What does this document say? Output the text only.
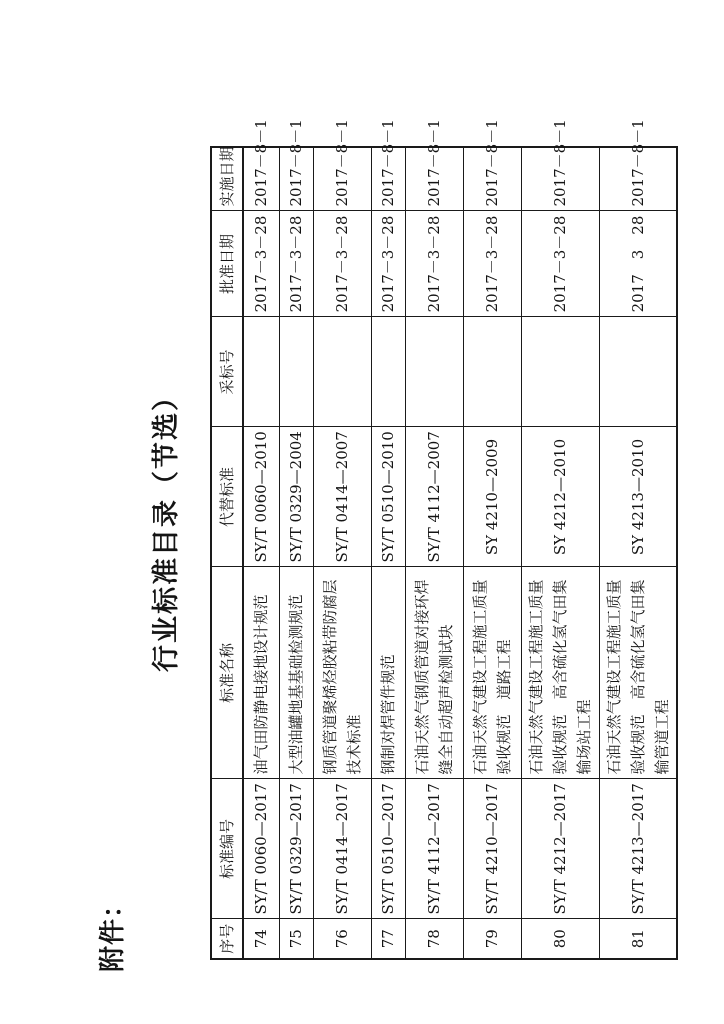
附件：
行业标准目录（节选）
序号	标准编号	标准名称	代替标准	采标号	批准日期	实施日期
74	SY/T 0060—2017	油气田防静电接地设计规范	SY/T 0060—2010		2017－3－28	2017－8－1
75	SY/T 0329—2017	大型油罐地基基础检测规范	SY/T 0329—2004		2017－3－28	2017－8－1
76	SY/T 0414—2017	钢质管道聚烯烃胶粘带防腐层技术标准	SY/T 0414—2007		2017－3－28	2017－8－1
77	SY/T 0510—2017	钢制对焊管件规范	SY/T 0510—2010		2017－3－28	2017－8－1
78	SY/T 4112—2017	石油天然气钢质管道对接环焊缝全自动超声检测试块	SY/T 4112—2007		2017－3－28	2017－8－1
79	SY/T 4210—2017	石油天然气建设工程施工质量验收规范　道路工程	SY 4210—2009		2017－3－28	2017－8－1
80	SY/T 4212—2017	石油天然气建设工程施工质量验收规范　高含硫化氢气田集输场站工程	SY 4212—2010		2017－3－28	2017－8－1
81	SY/T 4213—2017	石油天然气建设工程施工质量验收规范　高含硫化氢气田集输管道工程	SY 4213—2010		2017　3　28	2017－8－1
